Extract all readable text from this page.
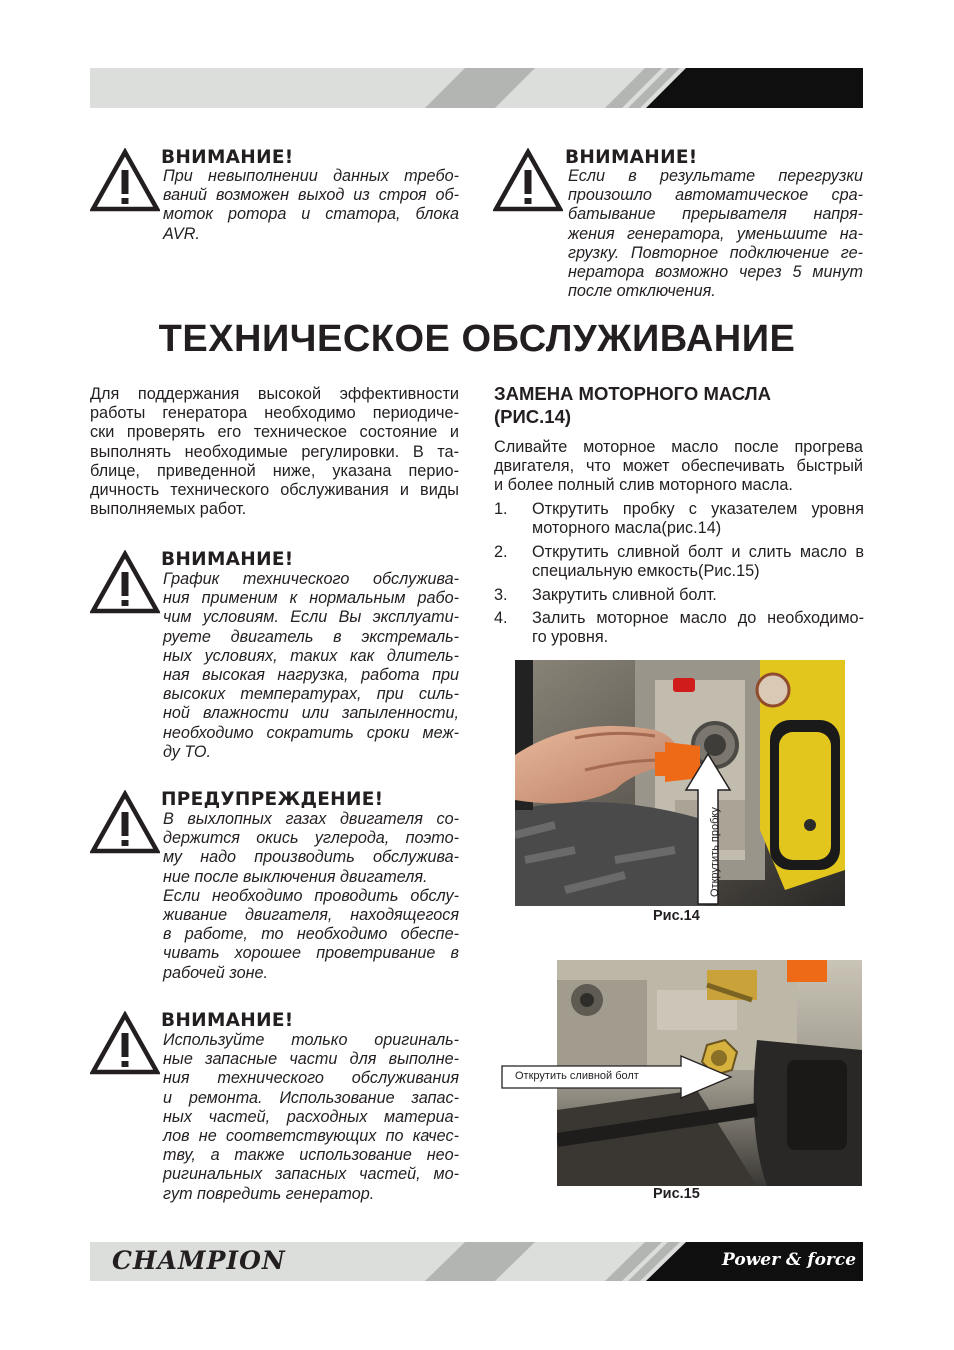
ВНИМАНИЕ!

При невыполнении данных требо-
ваний возможен выход из строя об-
моток ротора и статора, блока
AVR.

ВНИМАНИЕ!

Если в результате перегрузки
произошло автоматическое сра-
батывание прерывателя напря-
жения генератора, уменьшите на-
грузку. Повторное подключение ге-
нератора возможно через 5 минут
после отключения.

ТЕХНИЧЕСКОЕ ОБСЛУЖИВАНИЕ

Для поддержания высокой эффективности
работы генератора необходимо периодиче-
ски проверять его техническое состояние и
выполнять необходимые регулировки. В та-
блице, приведенной ниже, указана перио-
дичность технического обслуживания и виды
выполняемых работ.

ВНИМАНИЕ!

График технического обслужива-
ния применим к нормальным рабо-
чим условиям. Если Вы эксплуати-
руете двигатель в экстремаль-
ных условиях, таких как длитель-
ная высокая нагрузка, работа при
высоких температурах, при силь-
ной влажности или запыленности,
необходимо сократить сроки меж-
ду ТО.

ПРЕДУПРЕЖДЕНИЕ!

В выхлопных газах двигателя со-
держится окись углерода, поэто-
му надо производить обслужива-
ние после выключения двигателя.
Если необходимо проводить обслу-
живание двигателя, находящегося
в работе, то необходимо обеспе-
чивать хорошее проветривание в
рабочей зоне.

ВНИМАНИЕ!

Используйте только оригиналь-
ные запасные части для выполне-
ния технического обслуживания
и ремонта. Использование запас-
ных частей, расходных материа-
лов не соответствующих по качес-
тву, а также использование нео-
ригинальных запасных частей, мо-
гут повредить генератор.

ЗАМЕНА МОТОРНОГО МАСЛА
(РИС.14)

Сливайте моторное масло после прогрева
двигателя, что может обеспечивать быстрый
и более полный слив моторного масла.

1. Открутить пробку с указателем уровня
моторного масла(рис.14)
2. Открутить сливной болт и слить масло в
специальную емкость(Рис.15)
3. Закрутить сливной болт.
4. Залить моторное масло до необходимо-
го уровня.
Открутить пробку
Рис.14
Открутить сливной болт
Рис.15
CHAMPION	Power & force
